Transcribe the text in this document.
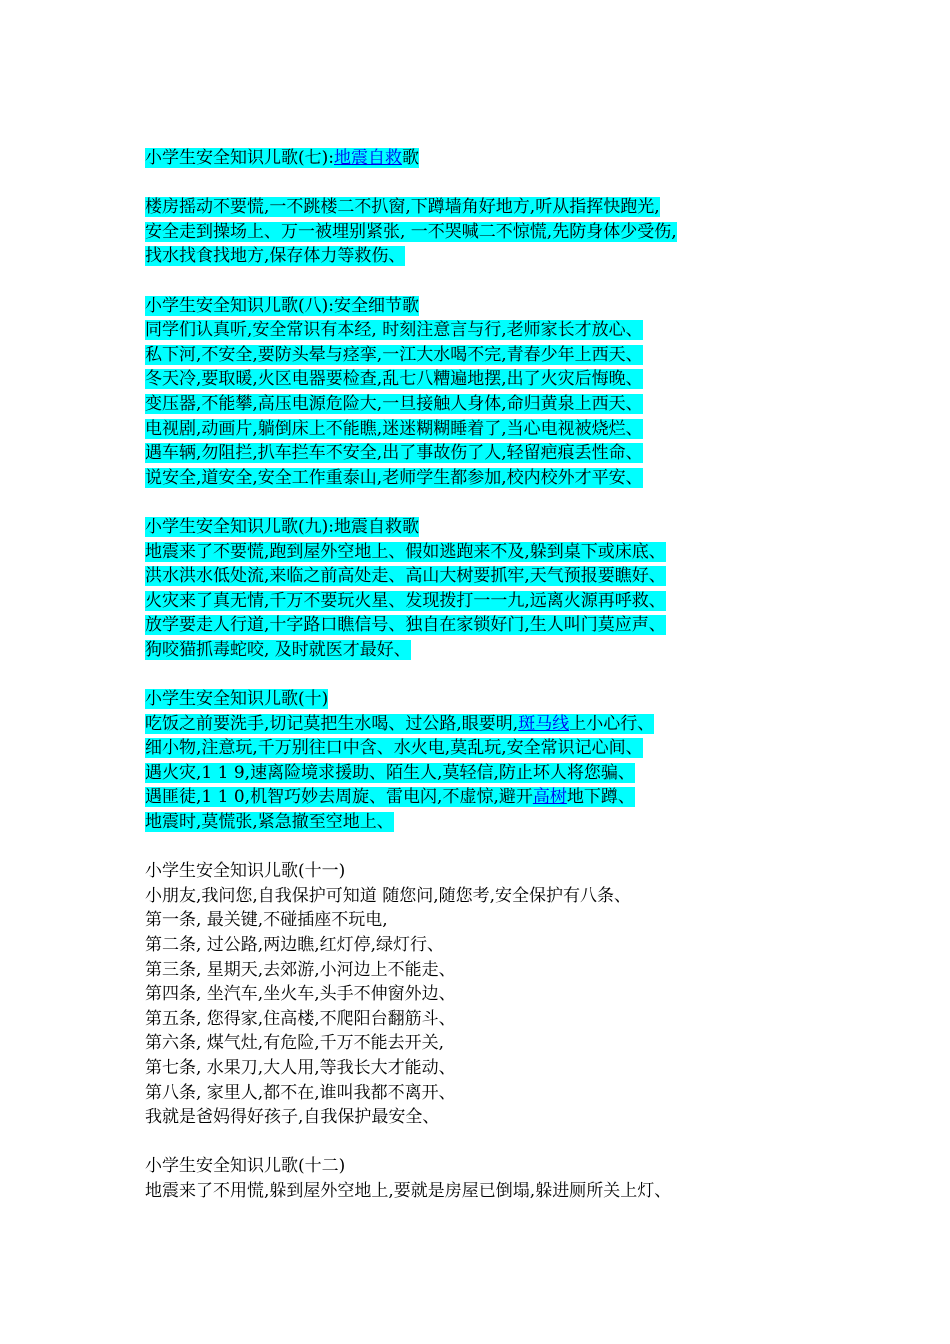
小学生安全知识儿歌(七):地震自救歌
楼房摇动不要慌,一不跳楼二不扒窗,下蹲墙角好地方,听从指挥快跑光,
安全走到操场上、万一被埋别紧张, 一不哭喊二不惊慌,先防身体少受伤,
找水找食找地方,保存体力等救伤、
小学生安全知识儿歌(八):安全细节歌
同学们认真听,安全常识有本经, 时刻注意言与行,老师家长才放心、
私下河,不安全,要防头晕与痉挛,一江大水喝不完,青春少年上西天、
冬天冷,要取暖,火区电器要检查,乱七八糟遍地摆,出了火灾后悔晚、
变压器,不能攀,高压电源危险大,一旦接触人身体,命归黄泉上西天、
电视剧,动画片,躺倒床上不能瞧,迷迷糊糊睡着了,当心电视被烧烂、
遇车辆,勿阻拦,扒车拦车不安全,出了事故伤了人,轻留疤痕丢性命、
说安全,道安全,安全工作重泰山,老师学生都参加,校内校外才平安、
小学生安全知识儿歌(九):地震自救歌
地震来了不要慌,跑到屋外空地上、假如逃跑来不及,躲到桌下或床底、
洪水洪水低处流,来临之前高处走、高山大树要抓牢,天气预报要瞧好、
火灾来了真无情,千万不要玩火星、发现拨打一一九,远离火源再呼救、
放学要走人行道,十字路口瞧信号、独自在家锁好门,生人叫门莫应声、
狗咬猫抓毒蛇咬, 及时就医才最好、
小学生安全知识儿歌(十)
吃饭之前要洗手,切记莫把生水喝、过公路,眼要明,斑马线上小心行、
细小物,注意玩,千万别往口中含、水火电,莫乱玩,安全常识记心间、
遇火灾,1 1 9,速离险境求援助、陌生人,莫轻信,防止坏人将您骗、
遇匪徒,1 1 0,机智巧妙去周旋、雷电闪,不虚惊,避开高树地下蹲、
地震时,莫慌张,紧急撤至空地上、
小学生安全知识儿歌(十一)
小朋友,我问您,自我保护可知道 随您问,随您考,安全保护有八条、
第一条, 最关键,不碰插座不玩电,
第二条, 过公路,两边瞧,红灯停,绿灯行、
第三条, 星期天,去郊游,小河边上不能走、
第四条, 坐汽车,坐火车,头手不伸窗外边、
第五条, 您得家,住高楼,不爬阳台翻筋斗、
第六条, 煤气灶,有危险,千万不能去开关,
第七条, 水果刀,大人用,等我长大才能动、
第八条, 家里人,都不在,谁叫我都不离开、
我就是爸妈得好孩子,自我保护最安全、
小学生安全知识儿歌(十二)
地震来了不用慌,躲到屋外空地上,要就是房屋已倒塌,躲进厕所关上灯、
